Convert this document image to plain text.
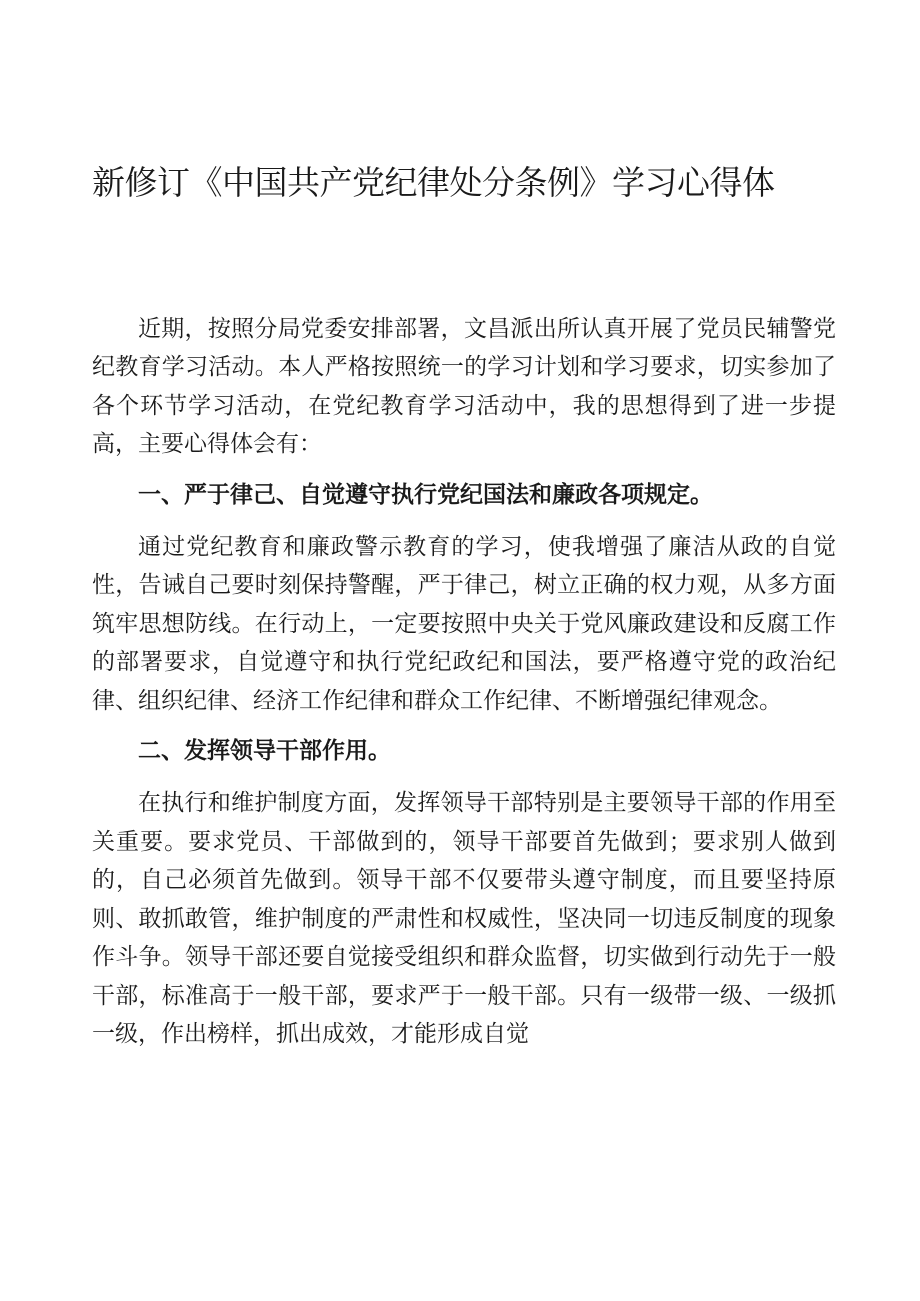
新修订《中国共产党纪律处分条例》学习心得体

近期，按照分局党委安排部署，文昌派出所认真开展了党员民辅警党纪教育学习活动。本人严格按照统一的学习计划和学习要求，切实参加了各个环节学习活动，在党纪教育学习活动中，我的思想得到了进一步提高，主要心得体会有：

一、严于律己、自觉遵守执行党纪国法和廉政各项规定。

通过党纪教育和廉政警示教育的学习，使我增强了廉洁从政的自觉性，告诫自己要时刻保持警醒，严于律己，树立正确的权力观，从多方面筑牢思想防线。在行动上，一定要按照中央关于党风廉政建设和反腐工作的部署要求，自觉遵守和执行党纪政纪和国法，要严格遵守党的政治纪律、组织纪律、经济工作纪律和群众工作纪律、不断增强纪律观念。

二、发挥领导干部作用。

在执行和维护制度方面，发挥领导干部特别是主要领导干部的作用至关重要。要求党员、干部做到的，领导干部要首先做到；要求别人做到的，自己必须首先做到。领导干部不仅要带头遵守制度，而且要坚持原则、敢抓敢管，维护制度的严肃性和权威性，坚决同一切违反制度的现象作斗争。领导干部还要自觉接受组织和群众监督，切实做到行动先于一般干部，标准高于一般干部，要求严于一般干部。只有一级带一级、一级抓一级，作出榜样，抓出成效，才能形成自觉
